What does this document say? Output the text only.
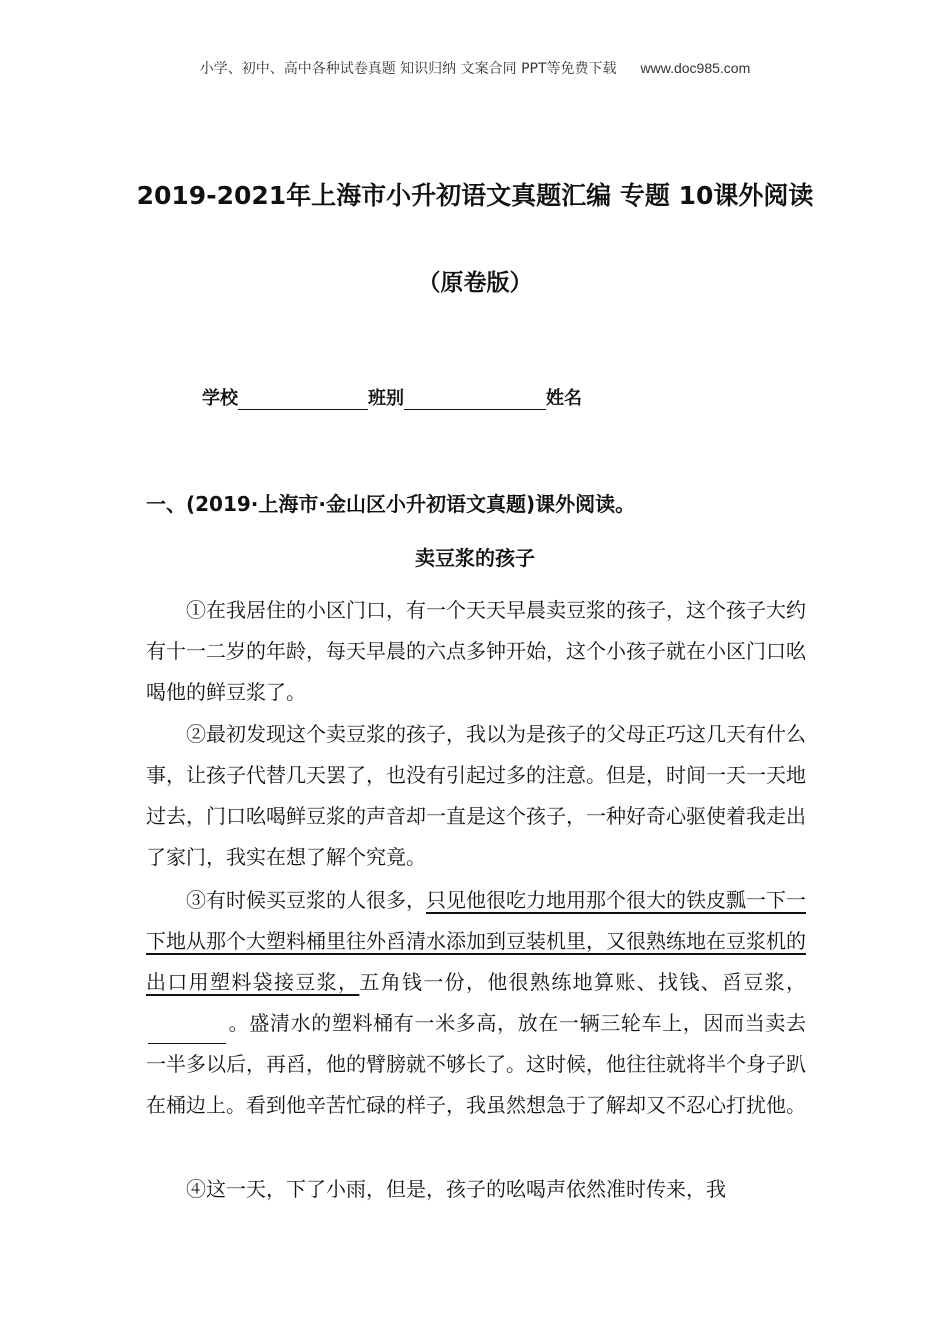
小学、初中、高中各种试卷真题 知识归纳 文案合同 PPT等免费下载 www.doc985.com
2019-2021年上海市小升初语文真题汇编 专题 10课外阅读
（原卷版）
学校	班别	姓名
一、(2019·上海市·金山区小升初语文真题)课外阅读。
卖豆浆的孩子

①在我居住的小区门口，有一个天天早晨卖豆浆的孩子，这个孩子大约有十一二岁的年龄，每天早晨的六点多钟开始，这个小孩子就在小区门口吆喝他的鲜豆浆了。

②最初发现这个卖豆浆的孩子，我以为是孩子的父母正巧这几天有什么事，让孩子代替几天罢了，也没有引起过多的注意。但是，时间一天一天地过去，门口吆喝鲜豆浆的声音却一直是这个孩子，一种好奇心驱使着我走出了家门，我实在想了解个究竟。

③有时候买豆浆的人很多，只见他很吃力地用那个很大的铁皮瓢一下一下地从那个大塑料桶里往外舀清水添加到豆装机里，又很熟练地在豆浆机的出口用塑料袋接豆浆，五角钱一份，他很熟练地算账、找钱、舀豆浆，。盛清水的塑料桶有一米多高，放在一辆三轮车上，因而当卖去一半多以后，再舀，他的臂膀就不够长了。这时候，他往往就将半个身子趴在桶边上。看到他辛苦忙碌的样子，我虽然想急于了解却又不忍心打扰他。

④这一天，下了小雨，但是，孩子的吆喝声依然准时传来，我
